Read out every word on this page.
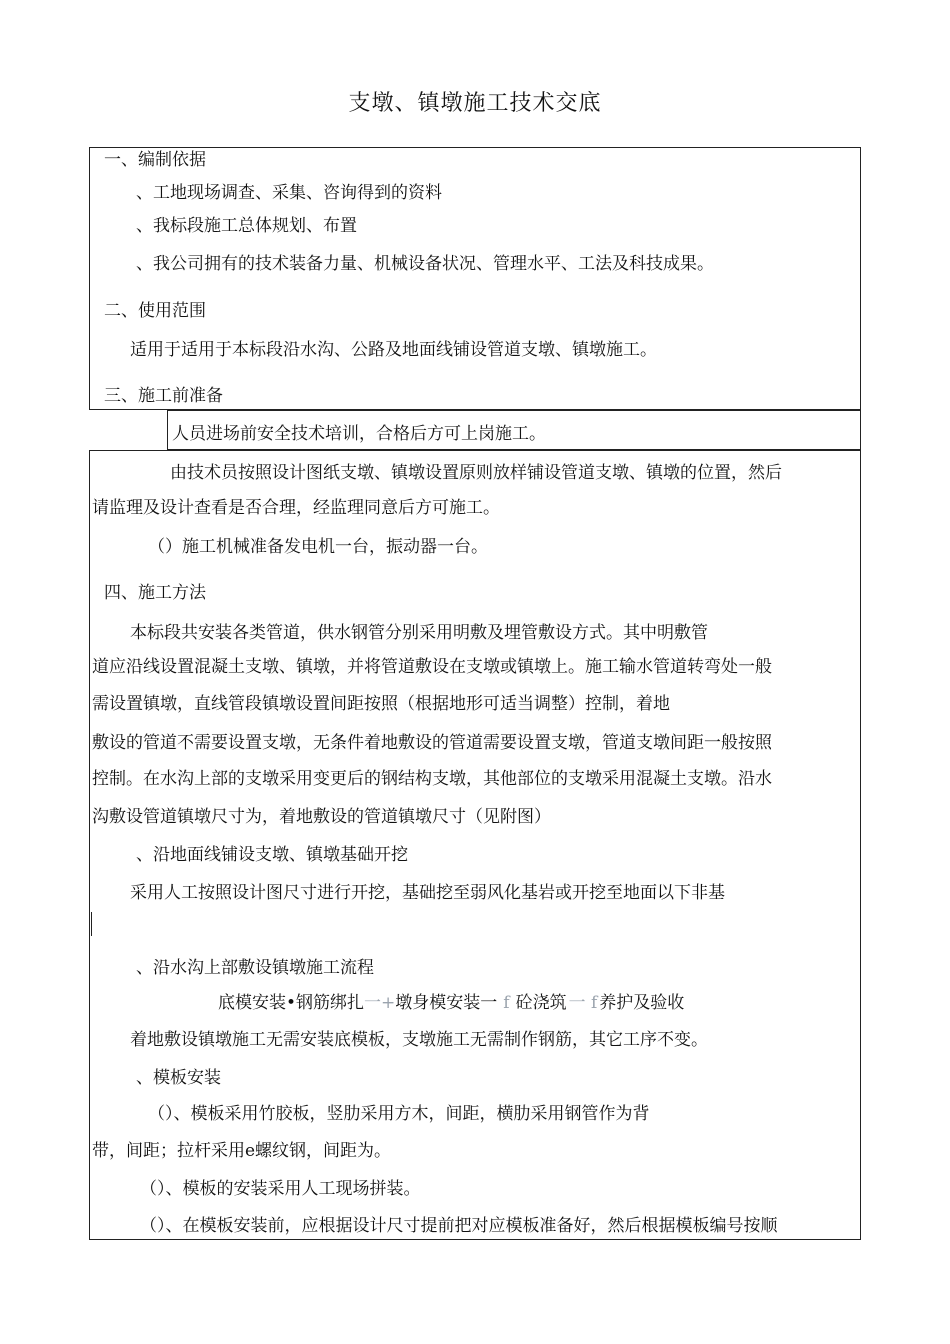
支墩、镇墩施工技术交底
一、编制依据
、工地现场调查、采集、咨询得到的资料
、我标段施工总体规划、布置
、我公司拥有的技术装备力量、机械设备状况、管理水平、工法及科技成果。
二、使用范围
适用于适用于本标段沿水沟、公路及地面线铺设管道支墩、镇墩施工。
三、施工前准备
人员进场前安全技术培训，合格后方可上岗施工。
由技术员按照设计图纸支墩、镇墩设置原则放样铺设管道支墩、镇墩的位置，然后
请监理及设计查看是否合理，经监理同意后方可施工。
（）施工机械准备发电机一台，振动器一台。
四、施工方法
本标段共安装各类管道，供水钢管分别采用明敷及埋管敷设方式。其中明敷管
道应沿线设置混凝土支墩、镇墩，并将管道敷设在支墩或镇墩上。施工输水管道转弯处一般
需设置镇墩，直线管段镇墩设置间距按照（根据地形可适当调整）控制，着地
敷设的管道不需要设置支墩，无条件着地敷设的管道需要设置支墩，管道支墩间距一般按照
控制。在水沟上部的支墩采用变更后的钢结构支墩，其他部位的支墩采用混凝土支墩。沿水
沟敷设管道镇墩尺寸为，着地敷设的管道镇墩尺寸（见附图）
、沿地面线铺设支墩、镇墩基础开挖
采用人工按照设计图尺寸进行开挖，基础挖至弱风化基岩或开挖至地面以下非基
、沿水沟上部敷设镇墩施工流程
底模安装•钢筋绑扎一+墩身模安装一 f 砼浇筑 一 f 养护及验收
着地敷设镇墩施工无需安装底模板，支墩施工无需制作钢筋，其它工序不变。
、模板安装
（）、模板采用竹胶板，竖肋采用方木，间距，横肋采用钢管作为背
带，间距；拉杆采用e螺纹钢，间距为。
（）、模板的安装采用人工现场拼装。
（）、在模板安装前，应根据设计尺寸提前把对应模板准备好，然后根据模板编号按顺
